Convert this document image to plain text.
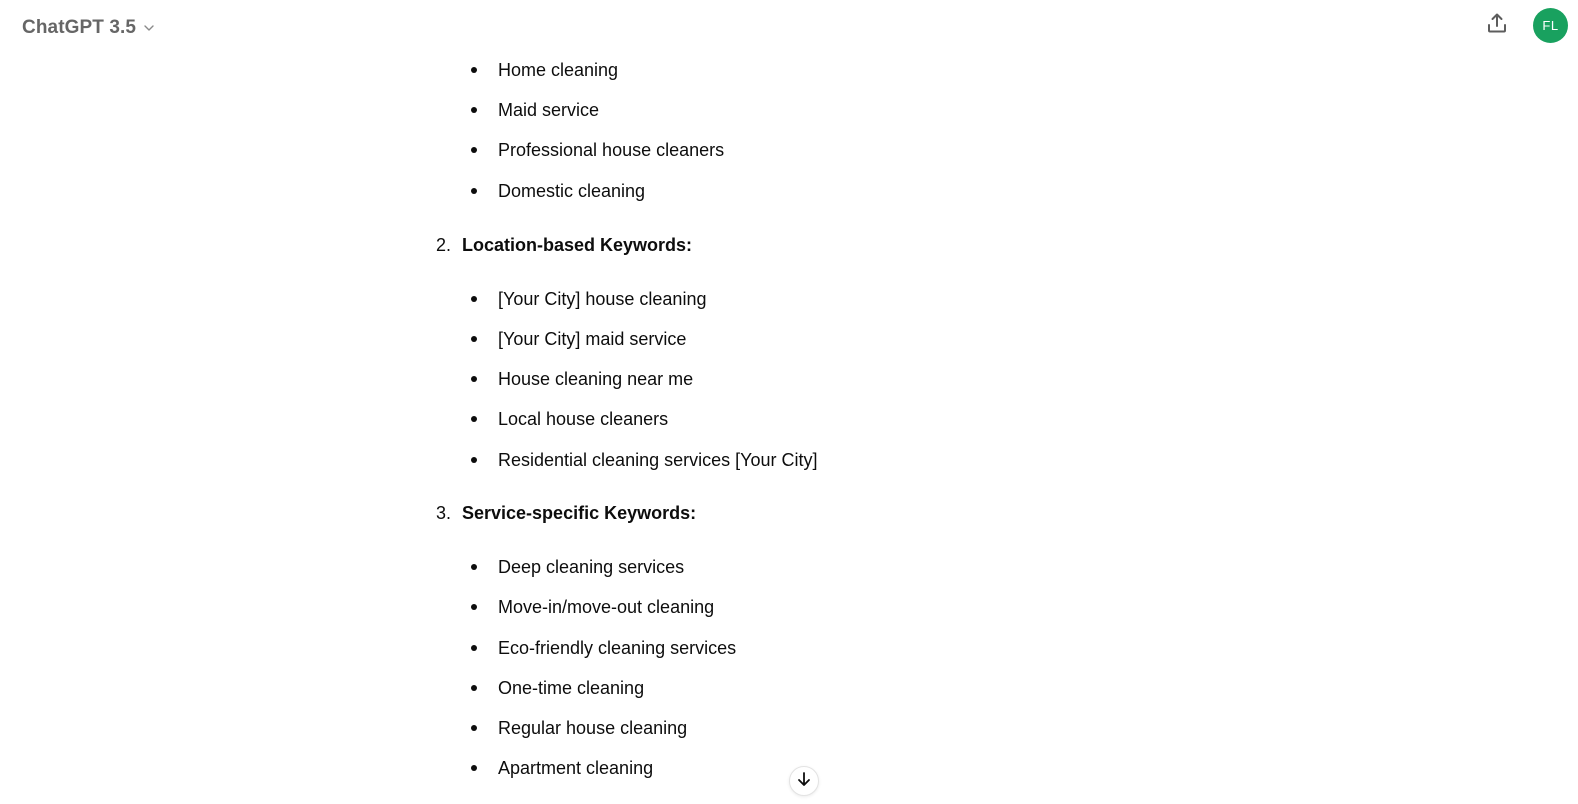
ChatGPT 3.5	FL
Home cleaning
Maid service
Professional house cleaners
Domestic cleaning
2. Location-based Keywords:
[Your City] house cleaning
[Your City] maid service
House cleaning near me
Local house cleaners
Residential cleaning services [Your City]
3. Service-specific Keywords:
Deep cleaning services
Move-in/move-out cleaning
Eco-friendly cleaning services
One-time cleaning
Regular house cleaning
Apartment cleaning
